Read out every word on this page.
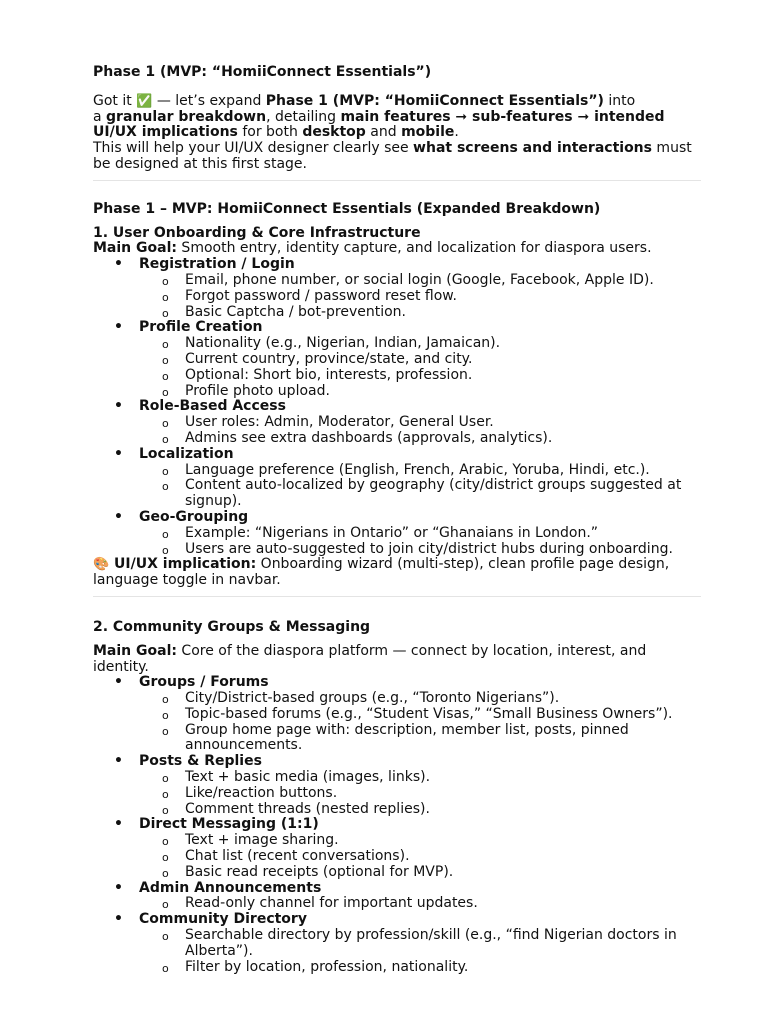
Phase 1 (MVP: “HomiiConnect Essentials”)

Got it ✅ — let’s expand Phase 1 (MVP: “HomiiConnect Essentials”) into
a granular breakdown, detailing main features ➞ sub-features ➞ intended
UI/UX implications for both desktop and mobile.
This will help your UI/UX designer clearly see what screens and interactions must
be designed at this first stage.

Phase 1 – MVP: HomiiConnect Essentials (Expanded Breakdown)

1. User Onboarding & Core Infrastructure

Main Goal: Smooth entry, identity capture, and localization for diaspora users.

• Registration / Login
o Email, phone number, or social login (Google, Facebook, Apple ID).
o Forgot password / password reset flow.
o Basic Captcha / bot-prevention.
• Profile Creation
o Nationality (e.g., Nigerian, Indian, Jamaican).
o Current country, province/state, and city.
o Optional: Short bio, interests, profession.
o Profile photo upload.
• Role-Based Access
o User roles: Admin, Moderator, General User.
o Admins see extra dashboards (approvals, analytics).
• Localization
o Language preference (English, French, Arabic, Yoruba, Hindi, etc.).
o Content auto-localized by geography (city/district groups suggested at
signup).
• Geo-Grouping
o Example: “Nigerians in Ontario” or “Ghanaians in London.”
o Users are auto-suggested to join city/district hubs during onboarding.

🎨 UI/UX implication: Onboarding wizard (multi-step), clean profile page design,
language toggle in navbar.

2. Community Groups & Messaging

Main Goal: Core of the diaspora platform — connect by location, interest, and
identity.

• Groups / Forums
o City/District-based groups (e.g., “Toronto Nigerians”).
o Topic-based forums (e.g., “Student Visas,” “Small Business Owners”).
o Group home page with: description, member list, posts, pinned
announcements.
• Posts & Replies
o Text + basic media (images, links).
o Like/reaction buttons.
o Comment threads (nested replies).
• Direct Messaging (1:1)
o Text + image sharing.
o Chat list (recent conversations).
o Basic read receipts (optional for MVP).
• Admin Announcements
o Read-only channel for important updates.
• Community Directory
o Searchable directory by profession/skill (e.g., “find Nigerian doctors in
Alberta”).
o Filter by location, profession, nationality.
